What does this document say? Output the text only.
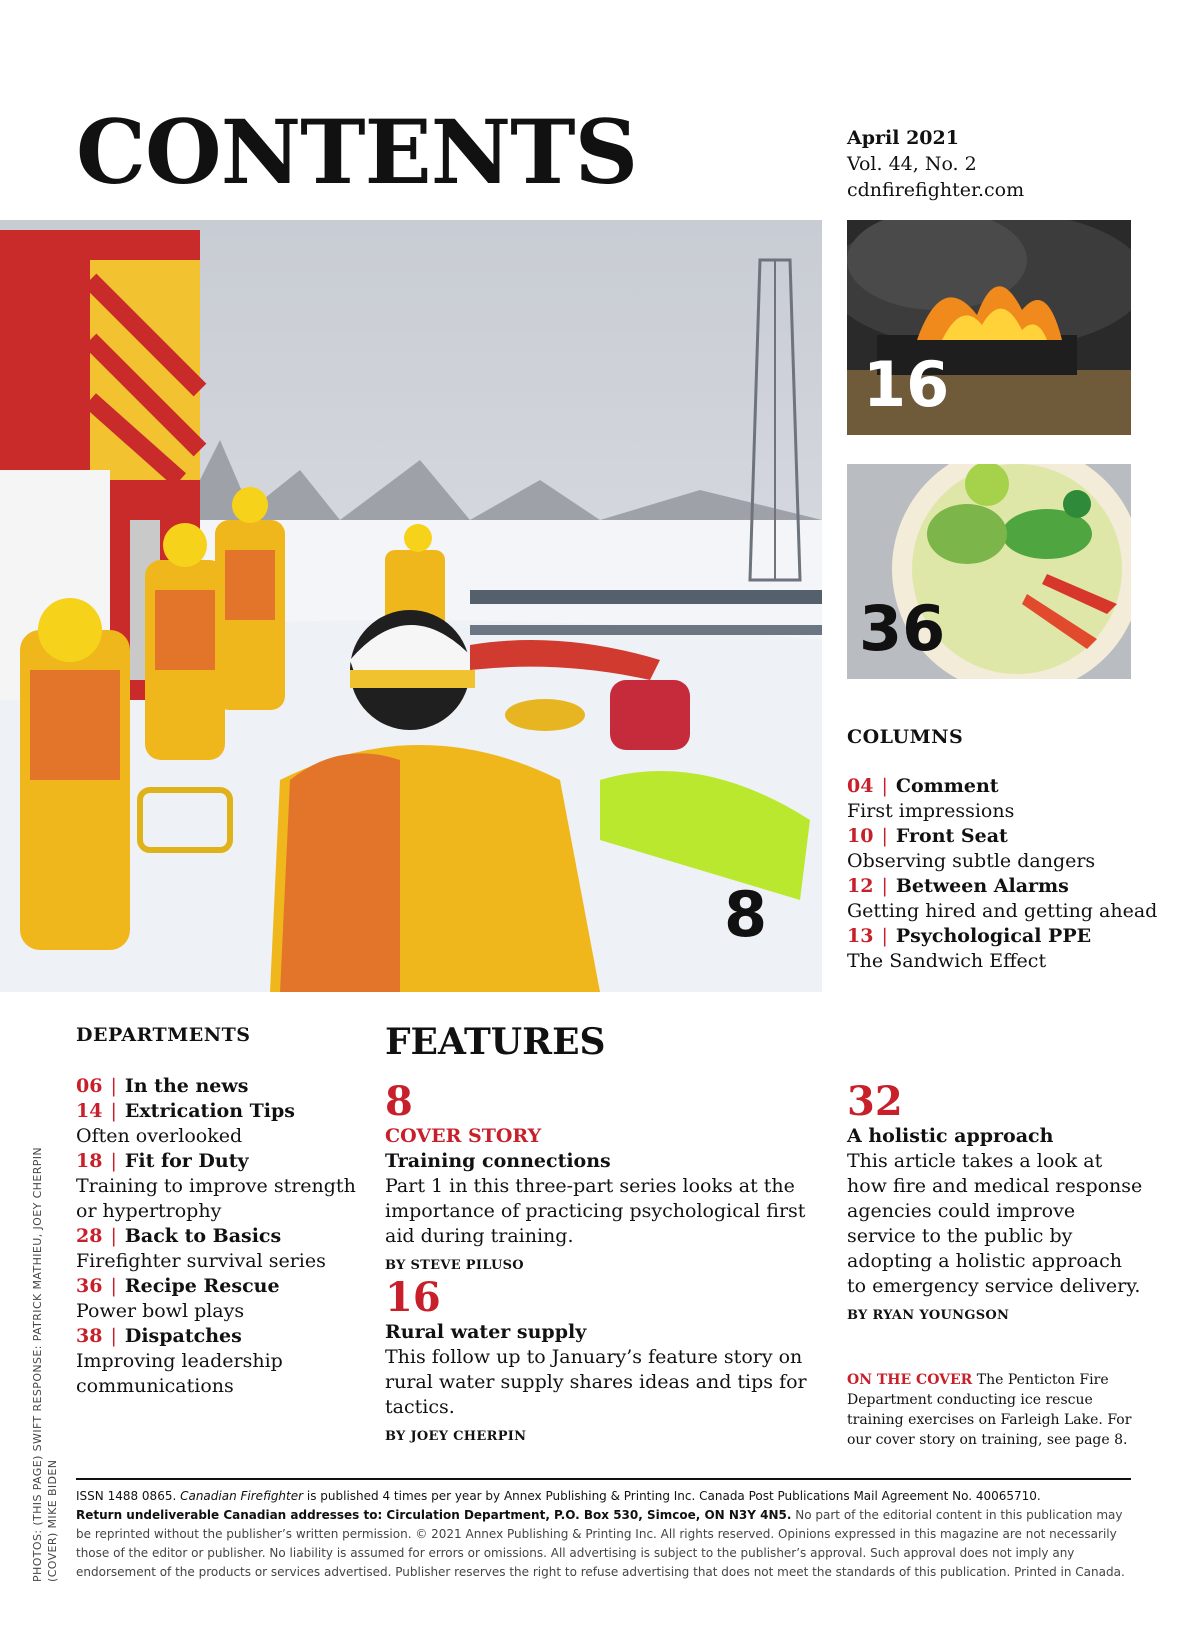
CONTENTS	April 2021
Vol. 44, No. 2
cdnfirefighter.com
8
16
36
COLUMNS
04 | Comment
First impressions
10 | Front Seat
Observing subtle dangers
12 | Between Alarms
Getting hired and getting ahead
13 | Psychological PPE
The Sandwich Effect
DEPARTMENTS
06 | In the news
14 | Extrication Tips
Often overlooked
18 | Fit for Duty
Training to improve strength or hypertrophy
28 | Back to Basics
Firefighter survival series
36 | Recipe Rescue
Power bowl plays
38 | Dispatches
Improving leadership communications
FEATURES
8
COVER STORY
Training connections
Part 1 in this three-part series looks at the importance of practicing psychological first aid during training.
BY STEVE PILUSO
16
Rural water supply
This follow up to January’s feature story on rural water supply shares ideas and tips for tactics.
BY JOEY CHERPIN
32
A holistic approach
This article takes a look at how fire and medical response agencies could improve service to the public by adopting a holistic approach to emergency service delivery.
BY RYAN YOUNGSON
ON THE COVER The Penticton Fire Department conducting ice rescue training exercises on Farleigh Lake. For our cover story on training, see page 8.
PHOTOS: (THIS PAGE) SWIFT RESPONSE: PATRICK MATHIEU, JOEY CHERPIN (COVER) MIKE BIDEN ISSN 1488 0865. Canadian Firefighter is published 4 times per year by Annex Publishing & Printing Inc. Canada Post Publications Mail Agreement No. 40065710.
Return undeliverable Canadian addresses to: Circulation Department, P.O. Box 530, Simcoe, ON N3Y 4N5. No part of the editorial content in this publication may be reprinted without the publisher’s written permission. © 2021 Annex Publishing & Printing Inc. All rights reserved. Opinions expressed in this magazine are not necessarily those of the editor or publisher. No liability is assumed for errors or omissions. All advertising is subject to the publisher’s approval. Such approval does not imply any endorsement of the products or services advertised. Publisher reserves the right to refuse advertising that does not meet the standards of this publication. Printed in Canada.
